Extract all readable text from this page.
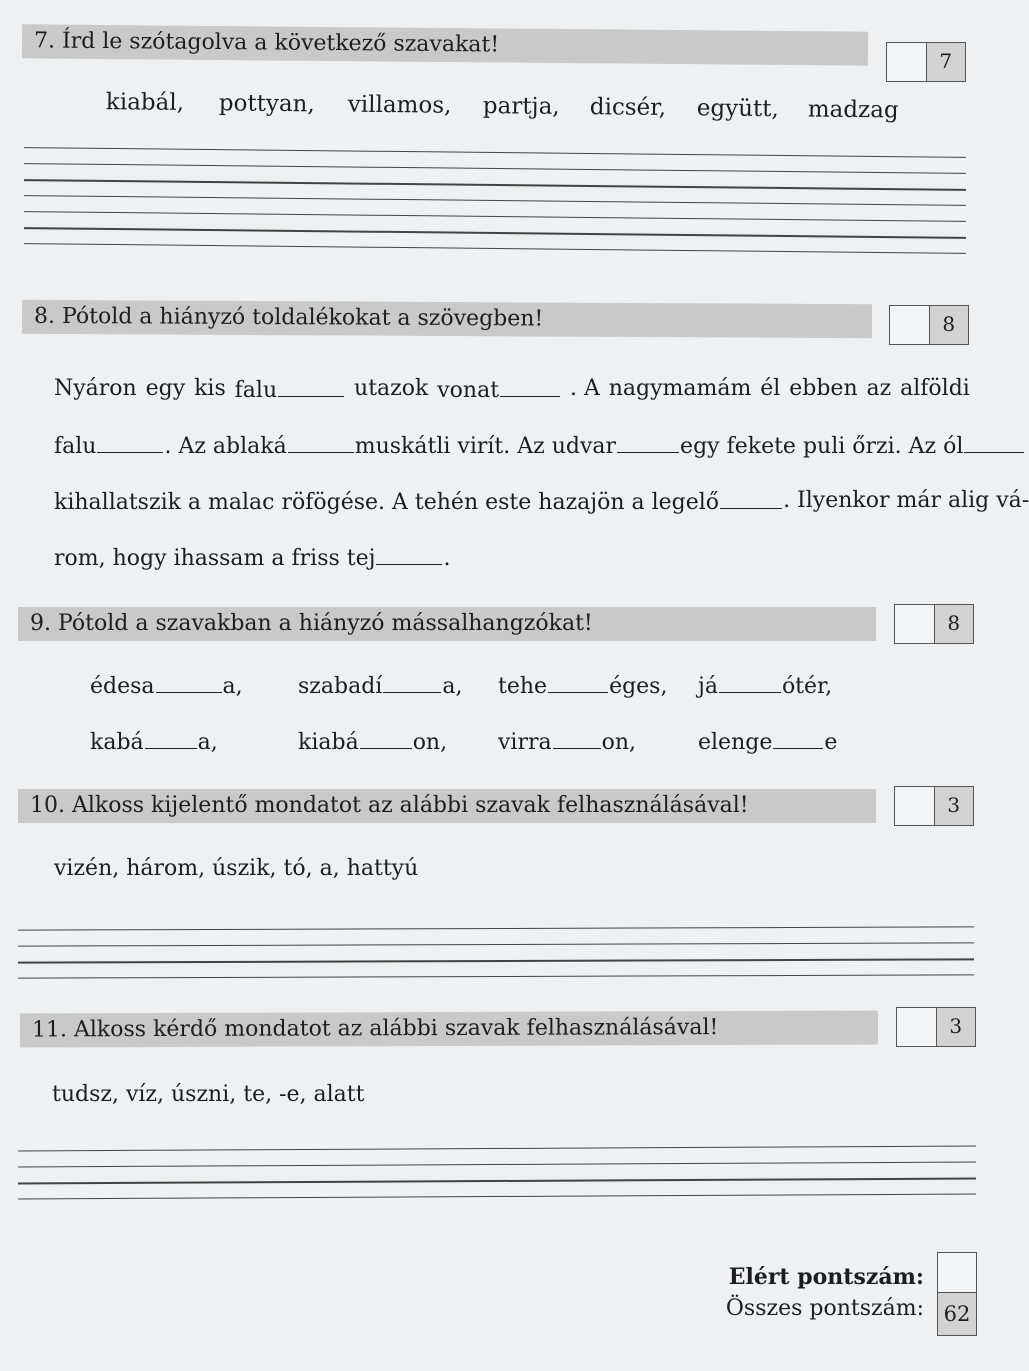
7. Írd le szótagolva a következő szavakat!
7
kiabál, pottyan, villamos, partja, dicsér, együtt, madzag
8. Pótold a hiányzó toldalékokat a szövegben!	8
Nyáron egy kis falu	utazok vonat	. A nagymamám él ebben az alföldi
falu	. Az ablaká	muskátli virít. Az udvar	egy fekete puli őrzi. Az ól
kihallatszik a malac röfögése. A tehén este hazajön a legelő	. Ilyenkor már alig vá-
rom, hogy ihassam a friss tej	.
9. Pótold a szavakban a hiányzó mássalhangzókat!	8
édesa	a,	szabadí	a, tehe	éges, já	ótér,
kabá a,	kiabá on, virra on,	elenge e
10. Alkoss kijelentő mondatot az alábbi szavak felhasználásával!	3
vizén, három, úszik, tó, a, hattyú
11. Alkoss kérdő mondatot az alábbi szavak felhasználásával!	3
tudsz, víz, úszni, te, -e, alatt
Elért pontszám:
Összes pontszám: 62
